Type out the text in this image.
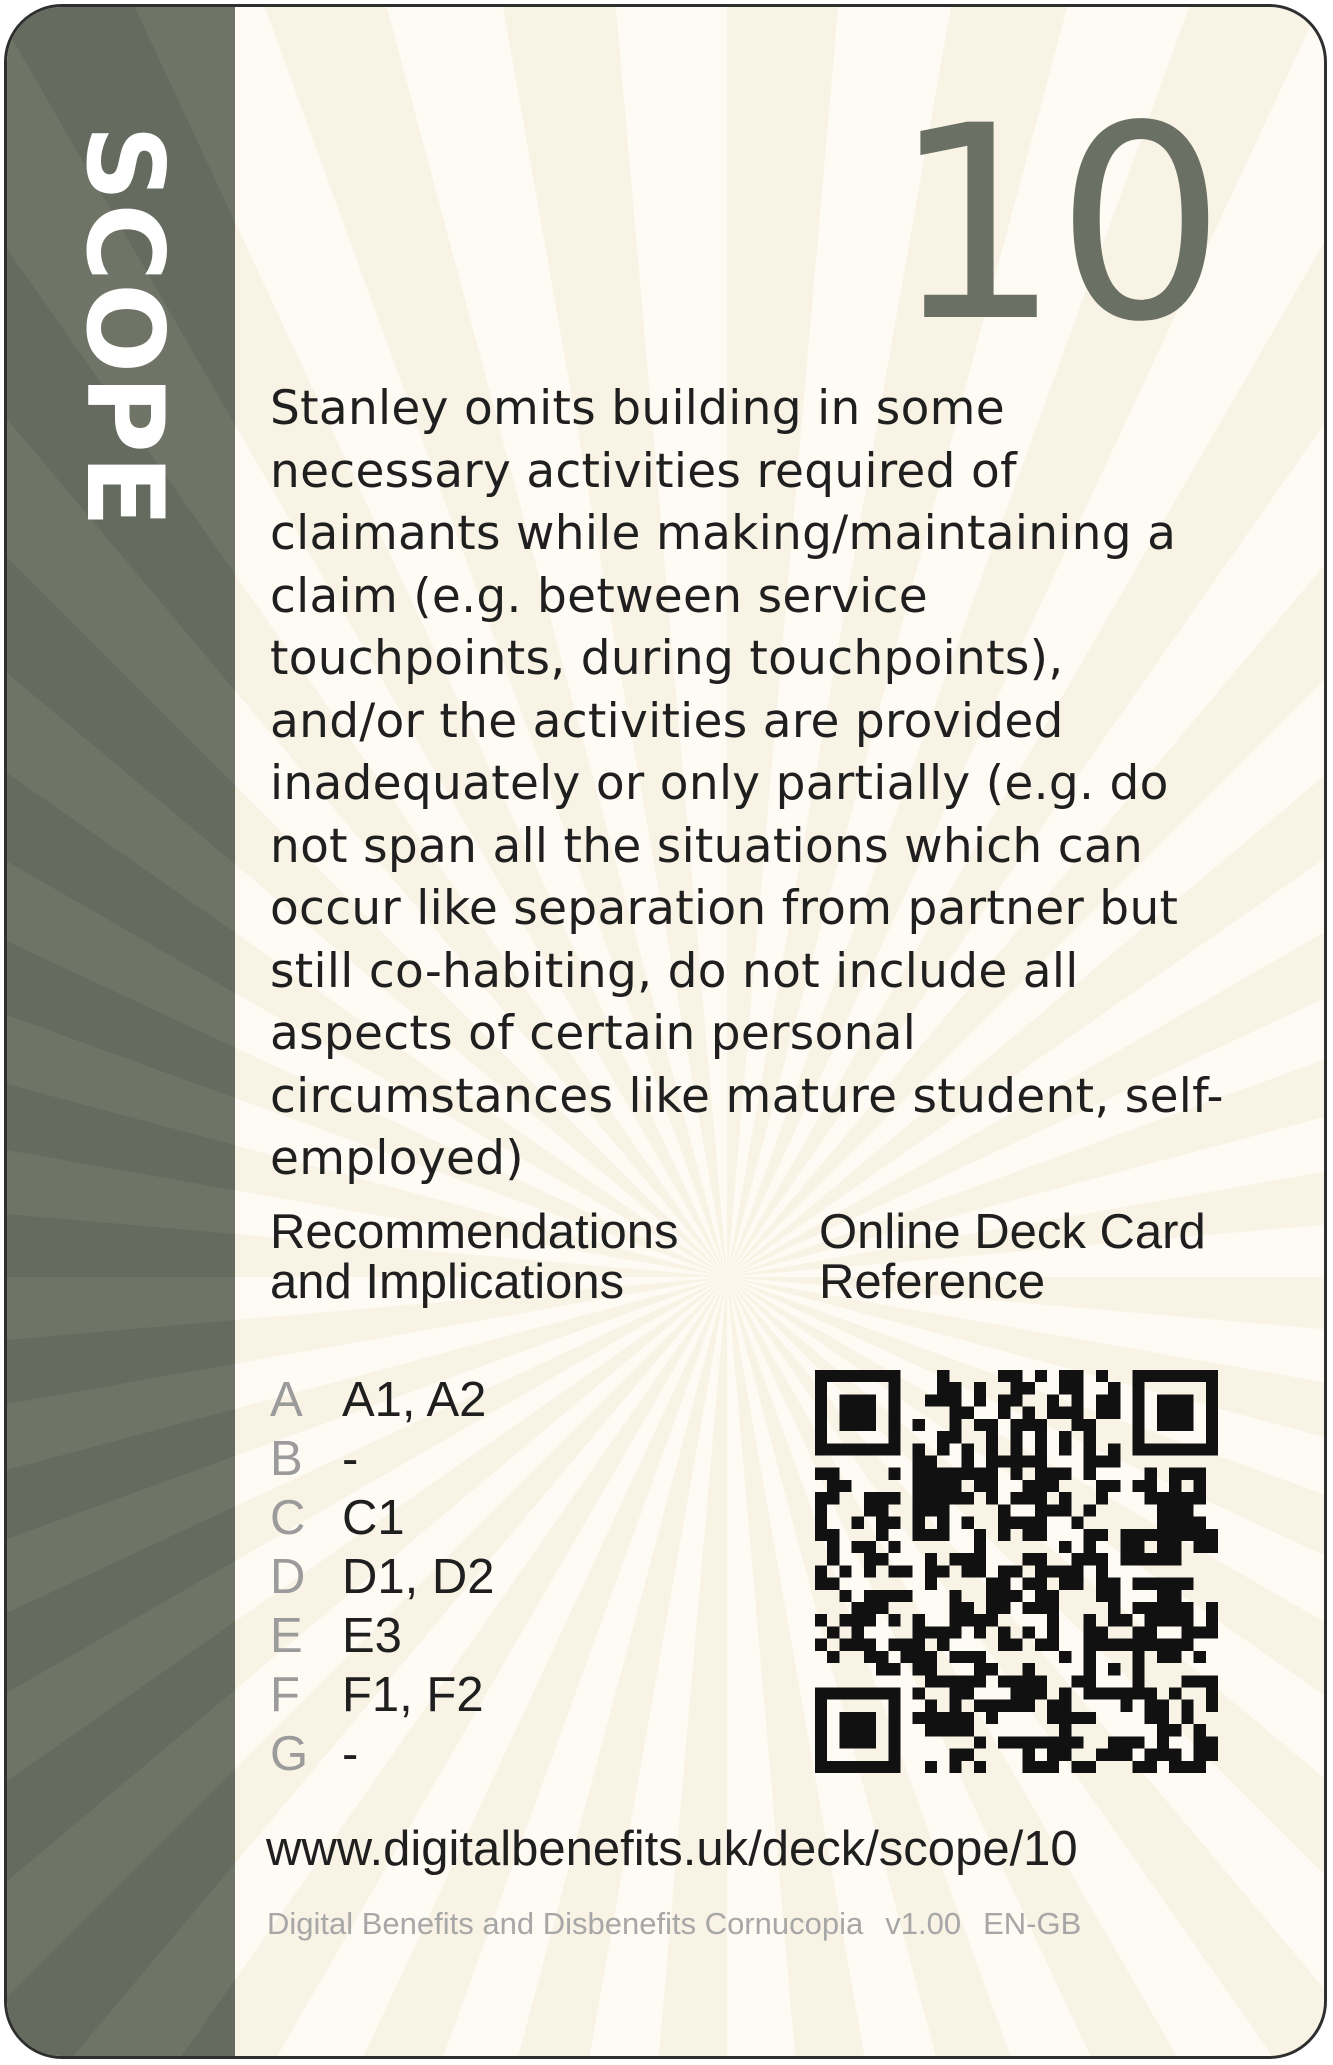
SCOPE	10
Stanley omits building in some necessary activities required of claimants while making/maintaining a claim (e.g. between service touchpoints, during touchpoints), and/or the activities are provided inadequately or only partially (e.g. do not span all the situations which can occur like separation from partner but still co-habiting, do not include all aspects of certain personal circumstances like mature student, self-employed)
Recommendations and Implications
Online Deck Card Reference
A A1, A2
B -
C C1
D D1, D2
E E3
F F1, F2
G -
www.digitalbenefits.uk/deck/scope/10
Digital Benefits and Disbenefits Cornucopia v1.00 EN-GB
